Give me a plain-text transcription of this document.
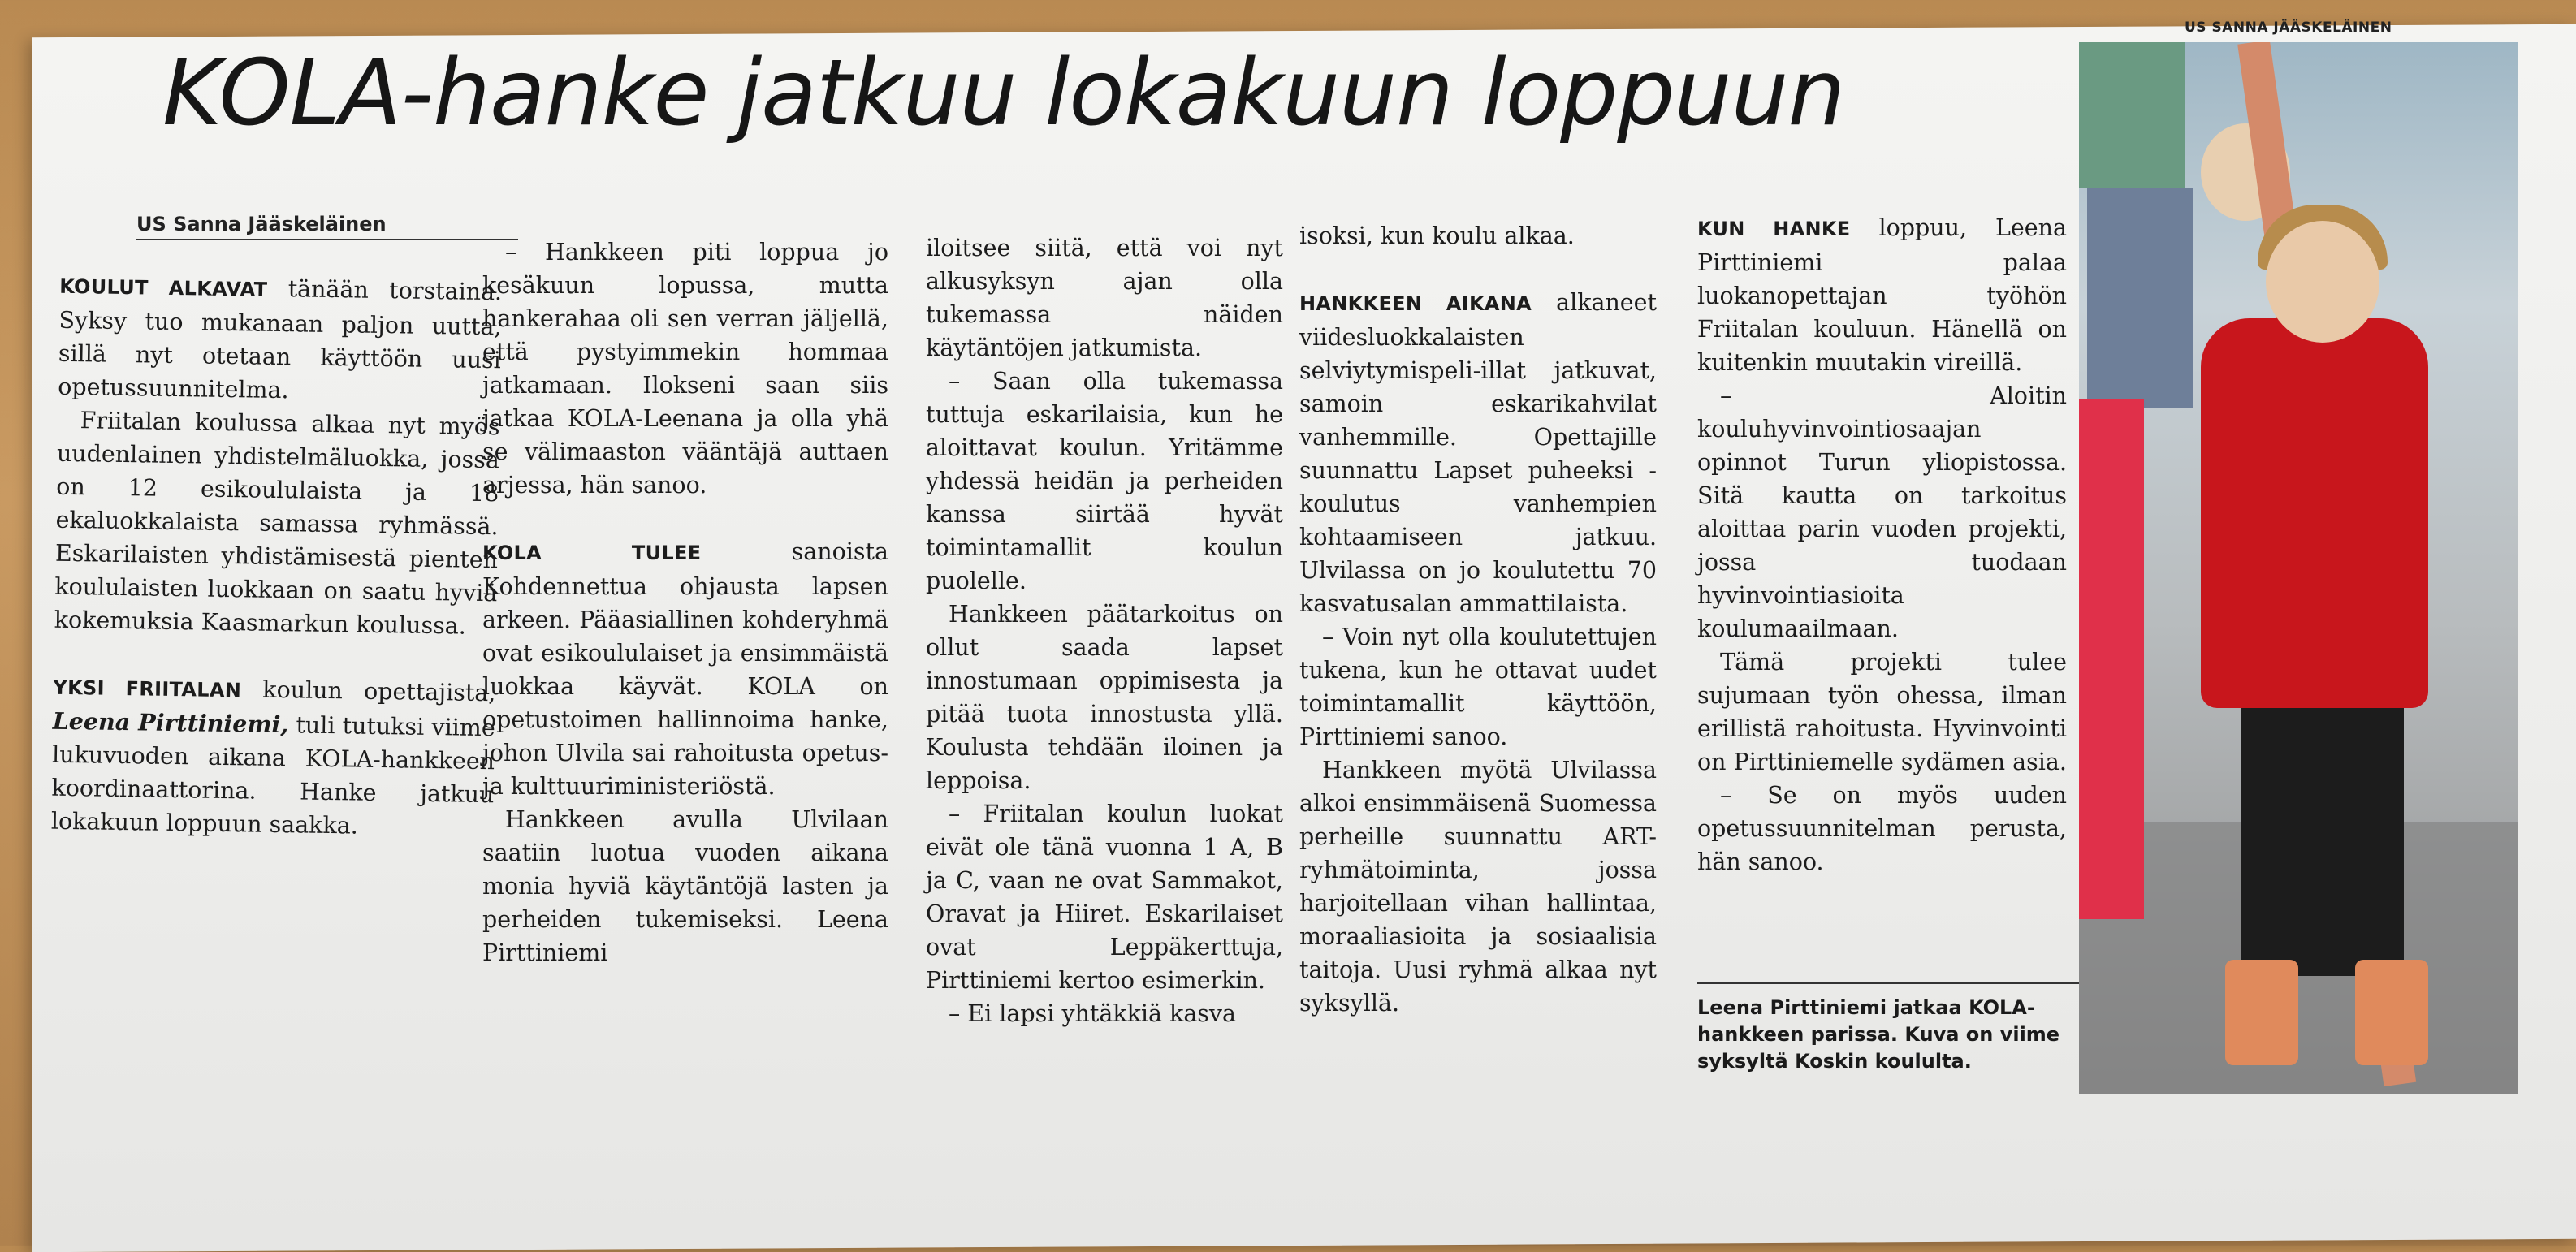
US SANNA JÄÄSKELÄINEN
KOLA-hanke jatkuu lokakuun loppuun
US Sanna Jääskeläinen

KOULUT ALKAVAT tänään torstaina. Syksy tuo mukanaan paljon uutta, sillä nyt otetaan käyttöön uusi opetussuunnitelma.

Friitalan koulussa alkaa nyt myös uudenlainen yhdistelmäluokka, jossa on 12 esikoululaista ja 18 ekaluokkalaista samassa ryhmässä. Eskarilaisten yhdistämisestä pienten koululaisten luokkaan on saatu hyviä kokemuksia Kaasmarkun koulussa.

YKSI FRIITALAN koulun opettajista, Leena Pirttiniemi, tuli tutuksi viime lukuvuoden aikana KOLA-hankkeen koordinaattorina. Hanke jatkuu lokakuun loppuun saakka.

– Hankkeen piti loppua jo kesäkuun lopussa, mutta hankerahaa oli sen verran jäljellä, että pystyimmekin hommaa jatkamaan. Ilokseni saan siis jatkaa KOLA-Leenana ja olla yhä se välimaaston vääntäjä auttaen arjessa, hän sanoo.

KOLA TULEE sanoista Kohdennettua ohjausta lapsen arkeen. Pääasiallinen kohderyhmä ovat esikoululaiset ja ensimmäistä luokkaa käyvät. KOLA on opetustoimen hallinnoima hanke, johon Ulvila sai rahoitusta opetus- ja kulttuuriministeriöstä.

Hankkeen avulla Ulvilaan saatiin luotua vuoden aikana monia hyviä käytäntöjä lasten ja perheiden tukemiseksi. Leena Pirttiniemi

iloitsee siitä, että voi nyt alkusyksyn ajan olla tukemassa näiden käytäntöjen jatkumista.

– Saan olla tukemassa tuttuja eskarilaisia, kun he aloittavat koulun. Yritämme yhdessä heidän ja perheiden kanssa siirtää hyvät toimintamallit koulun puolelle.

Hankkeen päätarkoitus on ollut saada lapset innostumaan oppimisesta ja pitää tuota innostusta yllä. Koulusta tehdään iloinen ja leppoisa.

– Friitalan koulun luokat eivät ole tänä vuonna 1 A, B ja C, vaan ne ovat Sammakot, Oravat ja Hiiret. Eskarilaiset ovat Leppäkerttuja, Pirttiniemi kertoo esimerkin.

– Ei lapsi yhtäkkiä kasva

isoksi, kun koulu alkaa.

HANKKEEN AIKANA alkaneet viidesluokkalaisten selviytymispeli-illat jatkuvat, samoin eskarikahvilat vanhemmille. Opettajille suunnattu Lapset puheeksi -koulutus vanhempien kohtaamiseen jatkuu. Ulvilassa on jo koulutettu 70 kasvatusalan ammattilaista.

– Voin nyt olla koulutettujen tukena, kun he ottavat uudet toimintamallit käyttöön, Pirttiniemi sanoo.

Hankkeen myötä Ulvilassa alkoi ensimmäisenä Suomessa perheille suunnattu ART-ryhmätoiminta, jossa harjoitellaan vihan hallintaa, moraaliasioita ja sosiaalisia taitoja. Uusi ryhmä alkaa nyt syksyllä.

KUN HANKE loppuu, Leena Pirttiniemi palaa luokanopettajan työhön Friitalan kouluun. Hänellä on kuitenkin muutakin vireillä.

– Aloitin kouluhyvinvointiosaajan opinnot Turun yliopistossa. Sitä kautta on tarkoitus aloittaa parin vuoden projekti, jossa tuodaan hyvinvointiasioita koulumaailmaan.

Tämä projekti tulee sujumaan työn ohessa, ilman erillistä rahoitusta. Hyvinvointi on Pirttiniemelle sydämen asia.

– Se on myös uuden opetussuunnitelman perusta, hän sanoo.

Leena Pirttiniemi jatkaa KOLA-hankkeen parissa. Kuva on viime syksyltä Koskin koululta.
